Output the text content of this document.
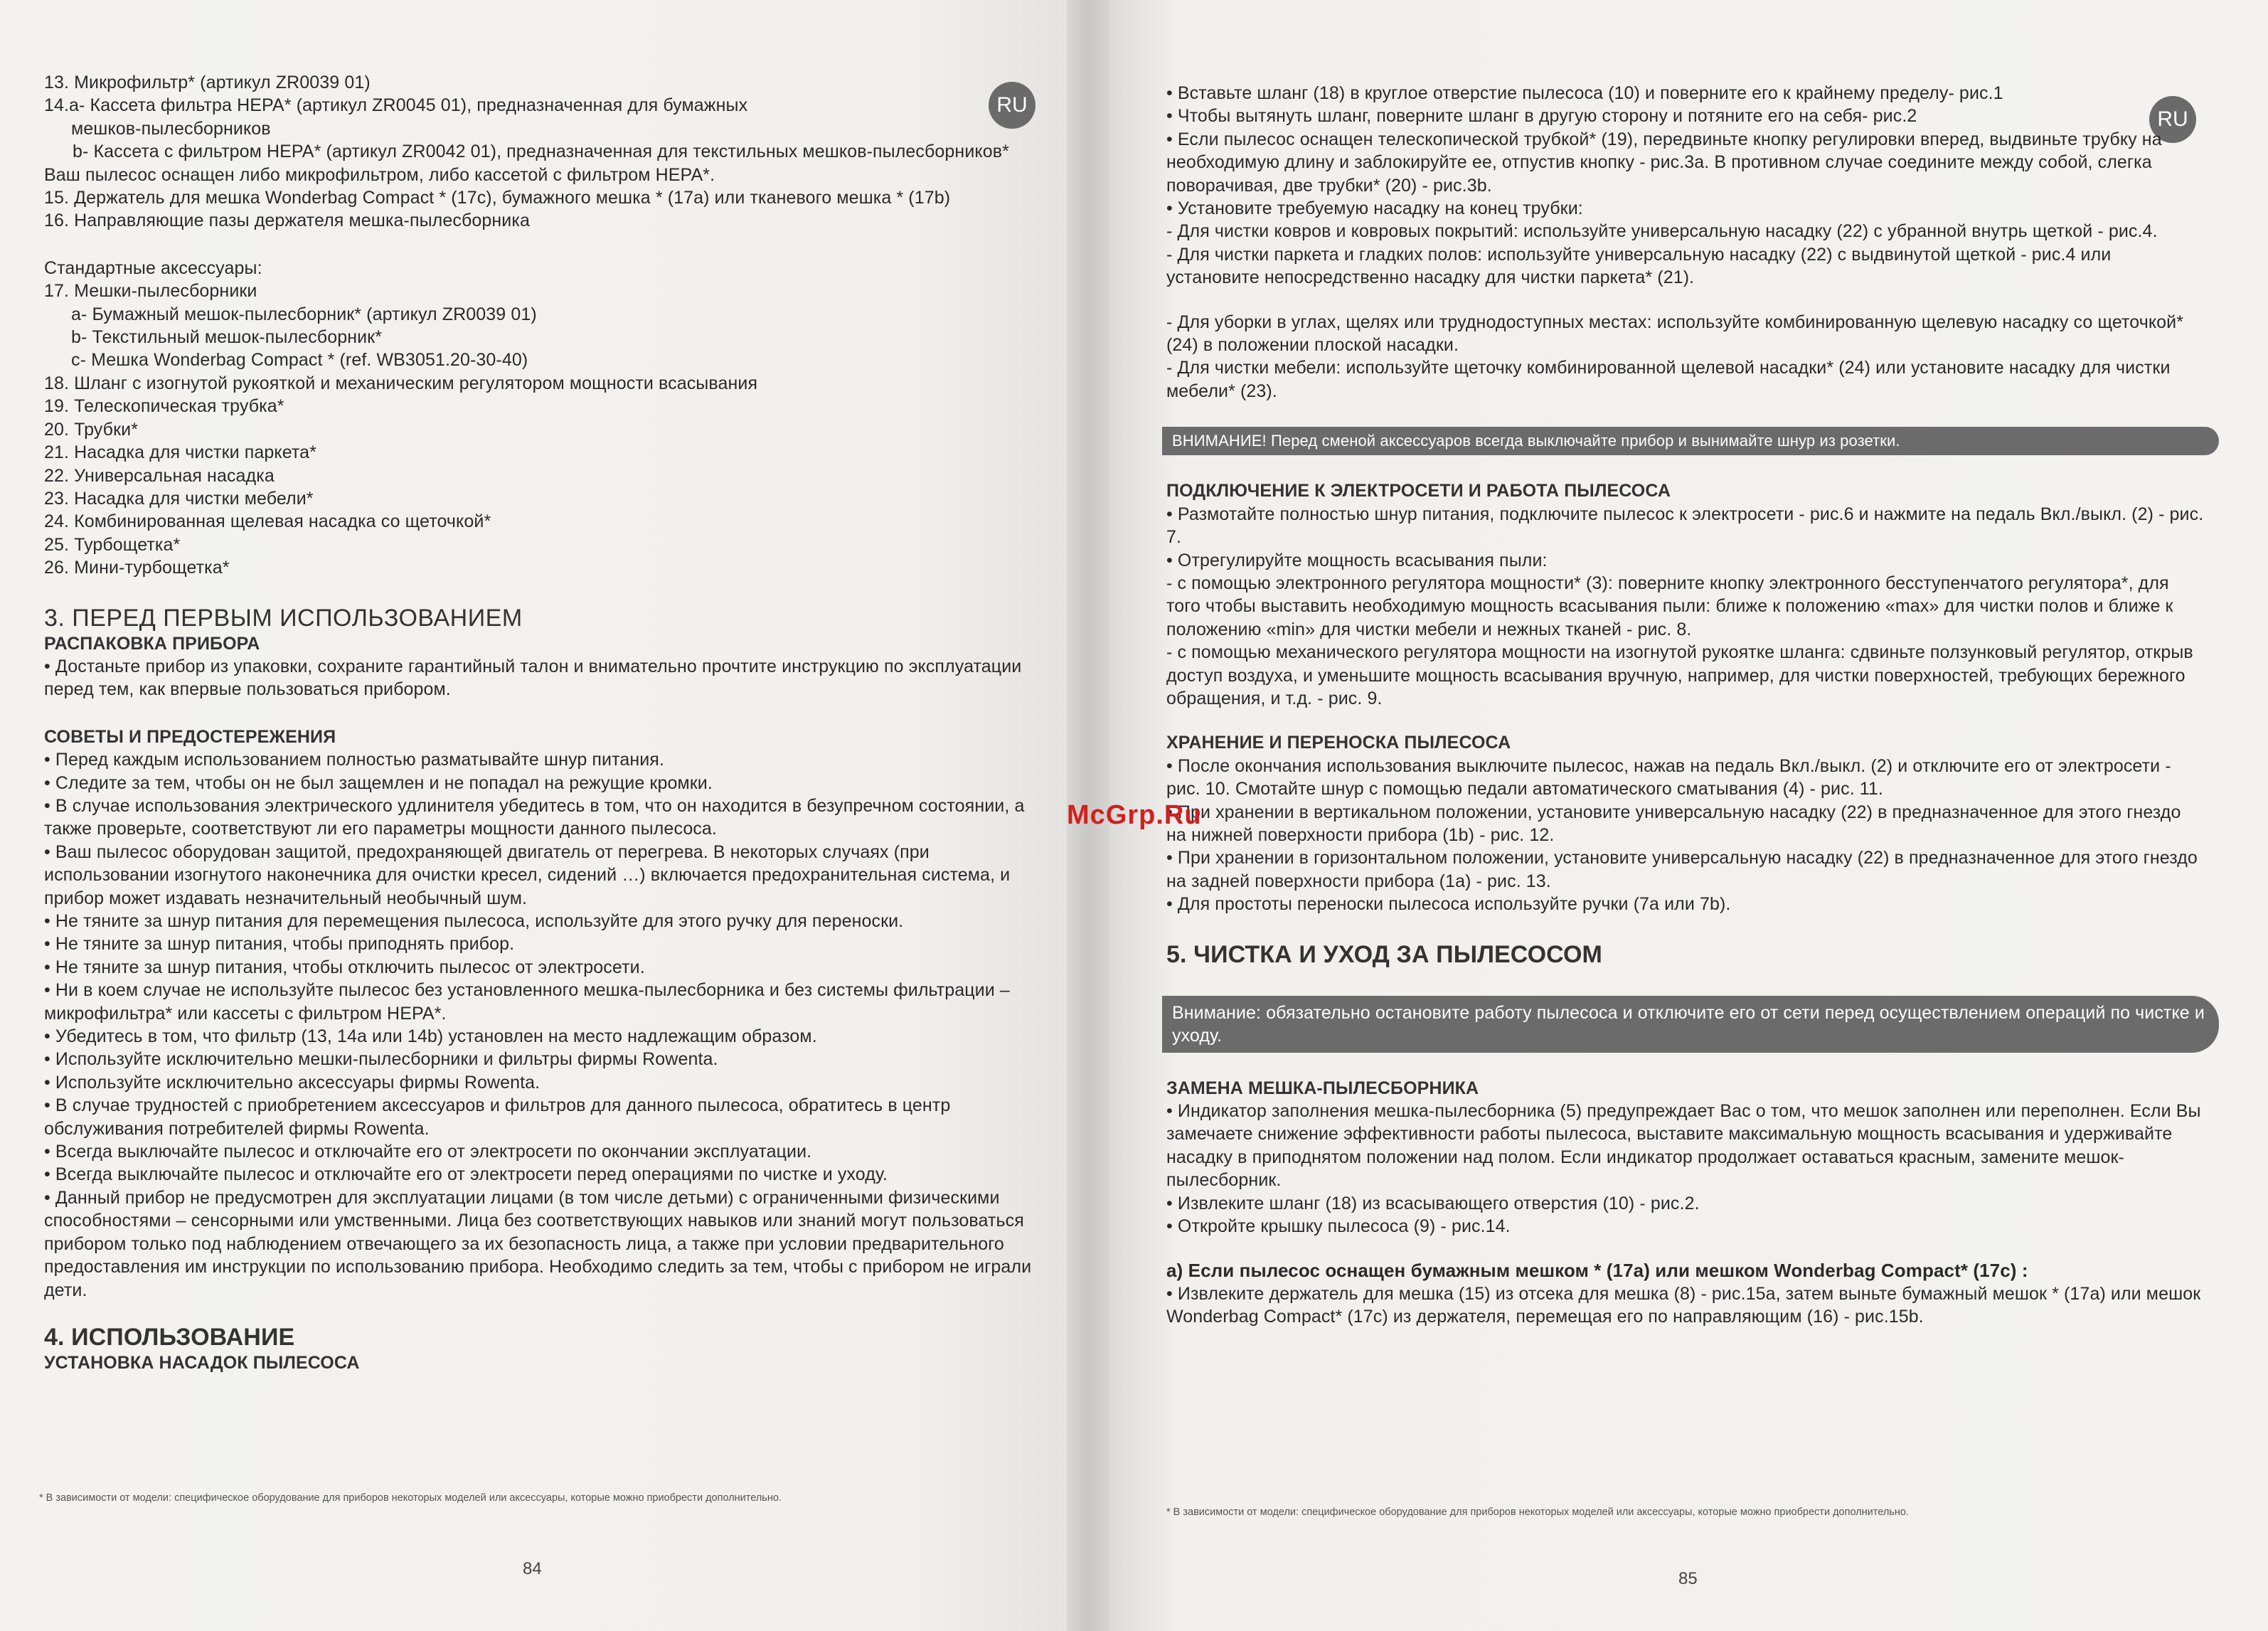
RU

13. Микрофильтр* (артикул ZR0039 01)

14.a- Кассета фильтра HEPA* (артикул ZR0045 01), предназначенная для бумажных

мешков-пылесборников

b- Кассета с фильтром HEPA* (артикул ZR0042 01), предназначенная для текстильных мешков-пылесборников*

Ваш пылесос оснащен либо микрофильтром, либо кассетой с фильтром HEPA*.

15. Держатель для мешка Wonderbag Compact * (17c), бумажного мешка * (17a) или тканевого мешка * (17b)

16. Направляющие пазы держателя мешка-пылесборника

Стандартные аксессуары:

17. Мешки-пылесборники

a- Бумажный мешок-пылесборник* (артикул ZR0039 01)

b- Текстильный мешок-пылесборник*

c- Мешка Wonderbag Compact * (ref. WB3051.20-30-40)

18. Шланг с изогнутой рукояткой и механическим регулятором мощности всасывания

19. Телескопическая трубка*

20. Трубки*

21. Насадка для чистки паркета*

22. Универсальная насадка

23. Насадка для чистки мебели*

24. Комбинированная щелевая насадка со щеточкой*

25. Турбощетка*

26. Мини-турбощетка*

3. ПЕРЕД ПЕРВЫМ ИСПОЛЬЗОВАНИЕМ

РАСПАКОВКА ПРИБОРА

• Достаньте прибор из упаковки, сохраните гарантийный талон и внимательно прочтите инструкцию по эксплуатации перед тем, как впервые пользоваться прибором.

СОВЕТЫ И ПРЕДОСТЕРЕЖЕНИЯ

• Перед каждым использованием полностью разматывайте шнур питания.

• Следите за тем, чтобы он не был защемлен и не попадал на режущие кромки.

• В случае использования электрического удлинителя убедитесь в том, что он находится в безупречном состоянии, а также проверьте, соответствуют ли его параметры мощности данного пылесоса.

• Ваш пылесос оборудован защитой, предохраняющей двигатель от перегрева. В некоторых случаях (при использовании изогнутого наконечника для очистки кресел, сидений …) включается предохранительная система, и прибор может издавать незначительный необычный шум.

• Не тяните за шнур питания для перемещения пылесоса, используйте для этого ручку для переноски.

• Не тяните за шнур питания, чтобы приподнять прибор.

• Не тяните за шнур питания, чтобы отключить пылесос от электросети.

• Ни в коем случае не используйте пылесос без установленного мешка-пылесборника и без системы фильтрации – микрофильтра* или кассеты с фильтром HEPA*.

• Убедитесь в том, что фильтр (13, 14a или 14b) установлен на место надлежащим образом.

• Используйте исключительно мешки-пылесборники и фильтры фирмы Rowenta.

• Используйте исключительно аксессуары фирмы Rowenta.

• В случае трудностей с приобретением аксессуаров и фильтров для данного пылесоса, обратитесь в центр обслуживания потребителей фирмы Rowenta.

• Всегда выключайте пылесос и отключайте его от электросети по окончании эксплуатации.

• Всегда выключайте пылесос и отключайте его от электросети перед операциями по чистке и уходу.

• Данный прибор не предусмотрен для эксплуатации лицами (в том числе детьми) с ограниченными физическими способностями – сенсорными или умственными. Лица без соответствующих навыков или знаний могут пользоваться прибором только под наблюдением отвечающего за их безопасность лица, а также при условии предварительного предоставления им инструкции по использованию прибора. Необходимо следить за тем, чтобы с прибором не играли дети.

4. ИСПОЛЬЗОВАНИЕ

УСТАНОВКА НАСАДОК ПЫЛЕСОСА

* В зависимости от модели: специфическое оборудование для приборов некоторых моделей или аксессуары, которые можно приобрести дополнительно.
84
RU

• Вставьте шланг (18) в круглое отверстие пылесоса (10) и поверните его к крайнему пределу- рис.1

• Чтобы вытянуть шланг, поверните шланг в другую сторону и потяните его на себя- рис.2

• Если пылесос оснащен телескопической трубкой* (19), передвиньте кнопку регулировки вперед, выдвиньте трубку на необходимую длину и заблокируйте ее, отпустив кнопку - рис.3a. В противном случае соедините между собой, слегка поворачивая, две трубки* (20) - рис.3b.

• Установите требуемую насадку на конец трубки:

- Для чистки ковров и ковровых покрытий: используйте универсальную насадку (22) с убранной внутрь щеткой - рис.4.

- Для чистки паркета и гладких полов: используйте универсальную насадку (22) с выдвинутой щеткой - рис.4 или установите непосредственно насадку для чистки паркета* (21).

- Для уборки в углах, щелях или труднодоступных местах: используйте комбинированную щелевую насадку со щеточкой* (24) в положении плоской насадки.

- Для чистки мебели: используйте щеточку комбинированной щелевой насадки* (24) или установите насадку для чистки мебели* (23).

ВНИМАНИЕ! Перед сменой аксессуаров всегда выключайте прибор и вынимайте шнур из розетки.

ПОДКЛЮЧЕНИЕ К ЭЛЕКТРОСЕТИ И РАБОТА ПЫЛЕСОСА

• Размотайте полностью шнур питания, подключите пылесос к электросети - рис.6 и нажмите на педаль Вкл./выкл. (2) - рис. 7.

• Отрегулируйте мощность всасывания пыли:

- с помощью электронного регулятора мощности* (3): поверните кнопку электронного бесступенчатого регулятора*, для того чтобы выставить необходимую мощность всасывания пыли: ближе к положению «max» для чистки полов и ближе к положению «min» для чистки мебели и нежных тканей - рис. 8.

- с помощью механического регулятора мощности на изогнутой рукоятке шланга: сдвиньте ползунковый регулятор, открыв доступ воздуха, и уменьшите мощность всасывания вручную, например, для чистки поверхностей, требующих бережного обращения, и т.д. - рис. 9.

ХРАНЕНИЕ И ПЕРЕНОСКА ПЫЛЕСОСА

• После окончания использования выключите пылесос, нажав на педаль Вкл./выкл. (2) и отключите его от электросети - рис. 10. Смотайте шнур с помощью педали автоматического сматывания (4) - рис. 11.

• При хранении в вертикальном положении, установите универсальную насадку (22) в предназначенное для этого гнездо на нижней поверхности прибора (1b) - рис. 12.

• При хранении в горизонтальном положении, установите универсальную насадку (22) в предназначенное для этого гнездо на задней поверхности прибора (1a) - рис. 13.

• Для простоты переноски пылесоса используйте ручки (7a или 7b).

5. ЧИСТКА И УХОД ЗА ПЫЛЕСОСОМ
Внимание: обязательно остановите работу пылесоса и отключите его от сети перед осуществлением операций по чистке и уходу.

ЗАМЕНА МЕШКА-ПЫЛЕСБОРНИКА

• Индикатор заполнения мешка-пылесборника (5) предупреждает Вас о том, что мешок заполнен или переполнен. Если Вы замечаете снижение эффективности работы пылесоса, выставите максимальную мощность всасывания и удерживайте насадку в приподнятом положении над полом. Если индикатор продолжает оставаться красным, замените мешок-пылесборник.

• Извлеките шланг (18) из всасывающего отверстия (10) - рис.2.

• Откройте крышку пылесоса (9) - рис.14.

a) Если пылесос оснащен бумажным мешком * (17a) или мешком Wonderbag Compact* (17c) :

• Извлеките держатель для мешка (15) из отсека для мешка (8) - рис.15a, затем выньте бумажный мешок * (17a) или мешок Wonderbag Compact* (17c) из держателя, перемещая его по направляющим (16) - рис.15b.

* В зависимости от модели: специфическое оборудование для приборов некоторых моделей или аксессуары, которые можно приобрести дополнительно.
85
McGrp.Ru
